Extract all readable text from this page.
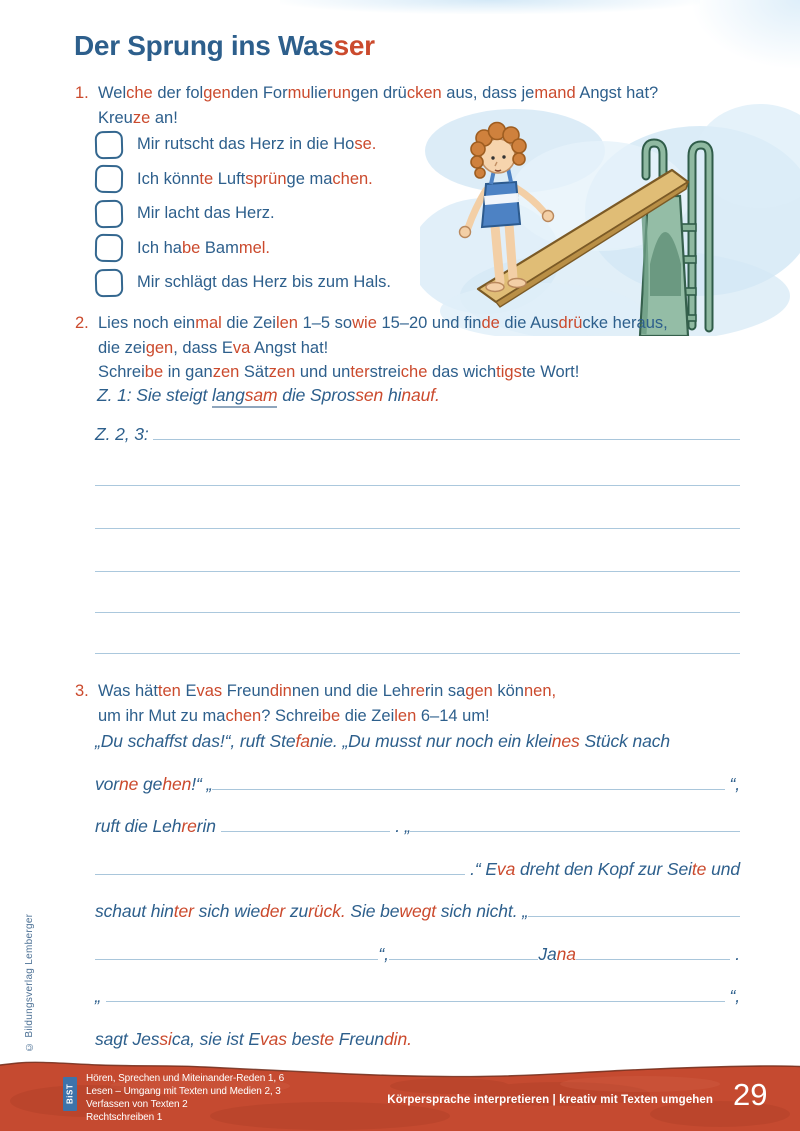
Der Sprung ins Wasser
1. Welche der folgenden Formulierungen drücken aus, dass jemand Angst hat?
Kreuze an!
Mir rutscht das Herz in die Hose.
Ich könnte Luftsprünge machen.
Mir lacht das Herz.
Ich habe Bammel.
Mir schlägt das Herz bis zum Hals.
2. Lies noch einmal die Zeilen 1–5 sowie 15–20 und finde die Ausdrücke heraus,
die zeigen, dass Eva Angst hat!
Schreibe in ganzen Sätzen und unterstreiche das wichtigste Wort!
Z. 1: Sie steigt langsam die Sprossen hinauf.
Z. 2, 3:
3. Was hätten Evas Freundinnen und die Lehrerin sagen können,
um ihr Mut zu machen? Schreibe die Zeilen 6–14 um!
„Du schaffst das!“, ruft Ste fa nie. „Du musst nur noch ein klei nes Stück nach
vor ne ge hen !“ „	“,
ruft die Leh re rin	. „
.“ E va dreht den Kopf zur Sei te und
schaut hin ter sich wie der zu rück. Sie be wegt sich nicht. „
“,	Ja na	.
„	“,
sagt Jes si ca, sie ist E vas bes te Freun din.
© Bildungsverlag Lemberger
BiST
Hören, Sprechen und Miteinander-Reden 1, 6
Lesen – Umgang mit Texten und Medien 2, 3
Verfassen von Texten 2
Rechtschreiben 1
Körpersprache interpretieren | kreativ mit Texten umgehen 29
